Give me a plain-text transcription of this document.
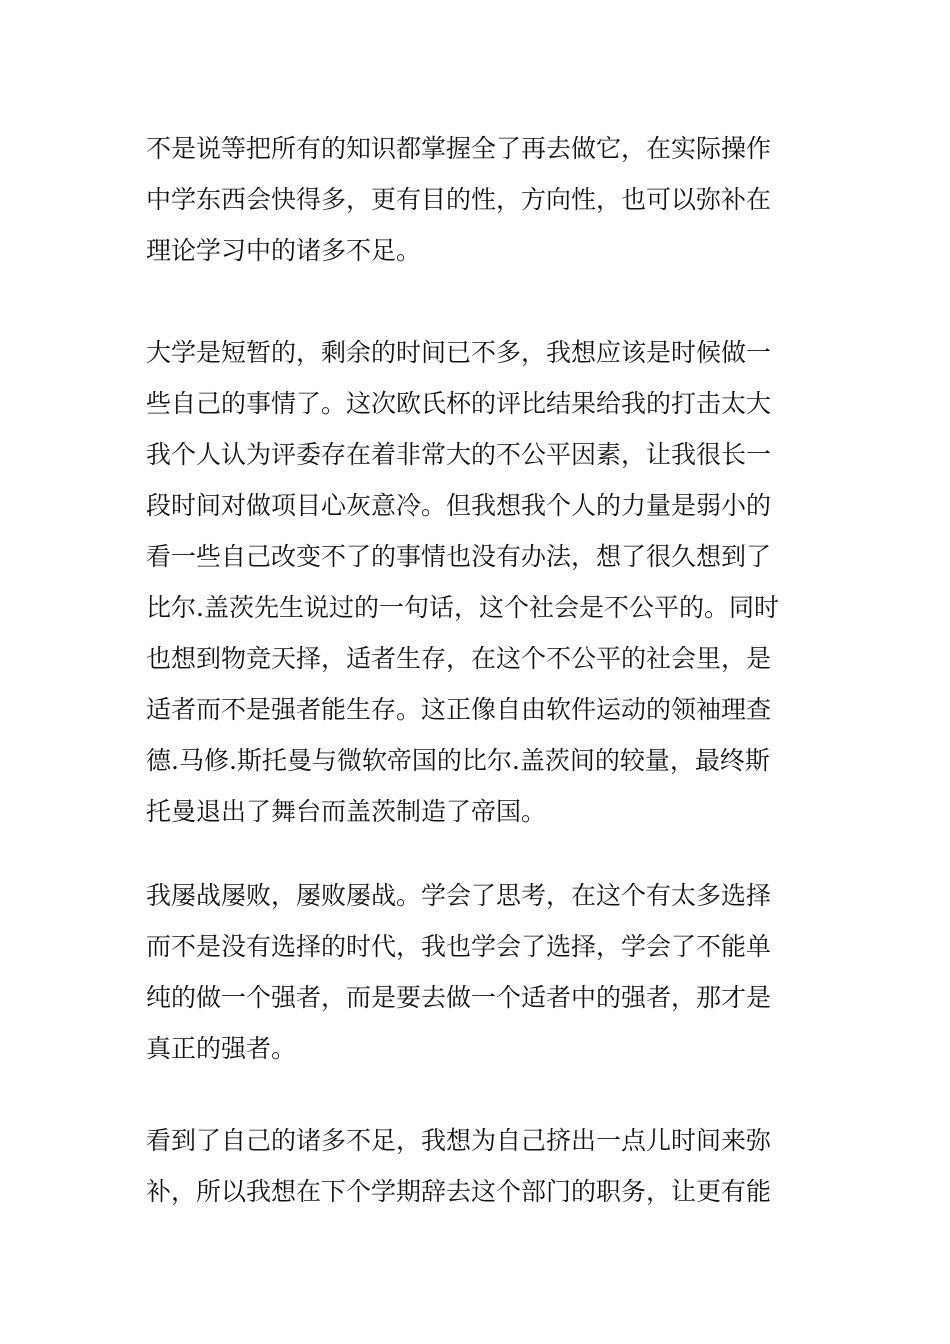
不是说等把所有的知识都掌握全了再去做它，在实际操作
中学东西会快得多，更有目的性，方向性，也可以弥补在
理论学习中的诸多不足。
大学是短暂的，剩余的时间已不多，我想应该是时候做一
些自己的事情了。这次欧氏杯的评比结果给我的打击太大
我个人认为评委存在着非常大的不公平因素，让我很长一
段时间对做项目心灰意冷。但我想我个人的力量是弱小的
看一些自己改变不了的事情也没有办法，想了很久想到了
比尔.盖茨先生说过的一句话，这个社会是不公平的。同时
也想到物竞天择，适者生存，在这个不公平的社会里，是
适者而不是强者能生存。这正像自由软件运动的领袖理查
德.马修.斯托曼与微软帝国的比尔.盖茨间的较量，最终斯
托曼退出了舞台而盖茨制造了帝国。
我屡战屡败，屡败屡战。学会了思考，在这个有太多选择
而不是没有选择的时代，我也学会了选择，学会了不能单
纯的做一个强者，而是要去做一个适者中的强者，那才是
真正的强者。
看到了自己的诸多不足，我想为自己挤出一点儿时间来弥
补，所以我想在下个学期辞去这个部门的职务，让更有能
